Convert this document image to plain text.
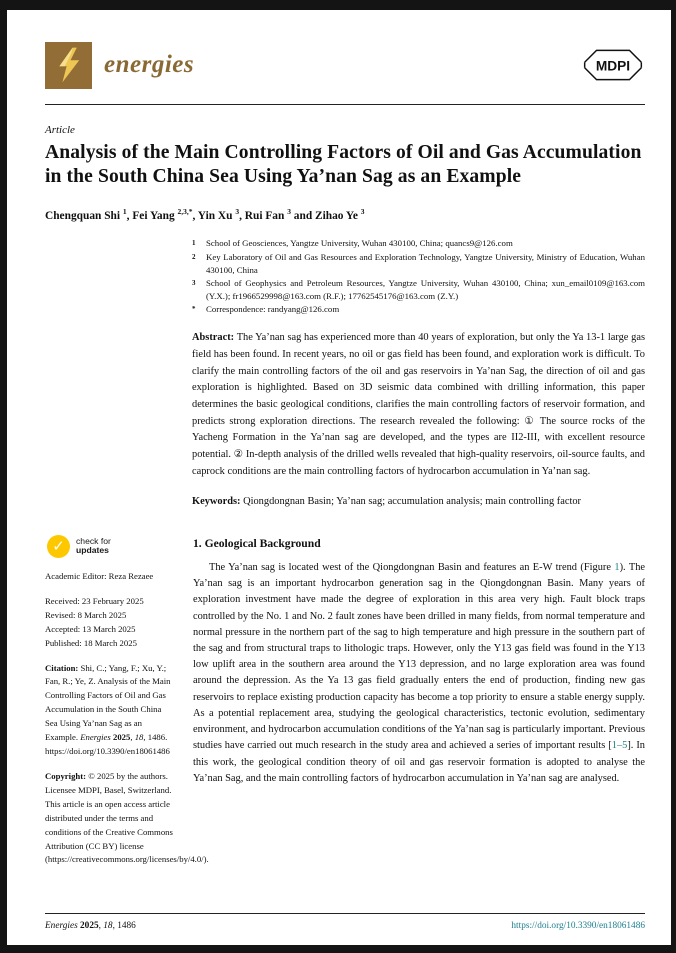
energies	MDPI
Article
Analysis of the Main Controlling Factors of Oil and Gas Accumulation in the South China Sea Using Ya’nan Sag as an Example
Chengquan Shi $^1$, Fei Yang $^{2,3,*}$, Yin Xu $^3$, Rui Fan $^3$ and Zihao Ye $^3$
1	School of Geosciences, Yangtze University, Wuhan 430100, China; quancs9@126.com
2	Key Laboratory of Oil and Gas Resources and Exploration Technology, Yangtze University, Ministry of Education, Wuhan 430100, China
3	School of Geophysics and Petroleum Resources, Yangtze University, Wuhan 430100, China; xun_email0109@163.com (Y.X.); fr1966529998@163.com (R.F.); 17762545176@163.com (Z.Y.)
*	Correspondence: randyang@126.com
Abstract: The Ya’nan sag has experienced more than 40 years of exploration, but only the Ya 13-1 large gas field has been found. In recent years, no oil or gas field has been found, and exploration work is difficult. To clarify the main controlling factors of the oil and gas reservoirs in Ya’nan Sag, the direction of oil and gas exploration is highlighted. Based on 3D seismic data combined with drilling information, this paper determines the basic geological conditions, clarifies the main controlling factors of reservoir formation, and predicts strong exploration directions. The research revealed the following: ① The source rocks of the Yacheng Formation in the Ya’nan sag are developed, and the types are II2-III, with excellent resource potential. ② In-depth analysis of the drilled wells revealed that high-quality reservoirs, oil-source faults, and caprock conditions are the main controlling factors of hydrocarbon accumulation in Ya’nan sag.
Keywords: Qiongdongnan Basin; Ya’nan sag; accumulation analysis; main controlling factor
✓ check for
updates
Academic Editor: Reza Rezaee

Received: 23 February 2025

Revised: 8 March 2025

Accepted: 13 March 2025

Published: 18 March 2025

Citation: Shi, C.; Yang, F.; Xu, Y.; Fan, R.; Ye, Z. Analysis of the Main Controlling Factors of Oil and Gas Accumulation in the South China Sea Using Ya’nan Sag as an Example. Energies 2025, 18, 1486. https://doi.org/10.3390/en18061486
Copyright: © 2025 by the authors. Licensee MDPI, Basel, Switzerland. This article is an open access article distributed under the terms and conditions of the Creative Commons Attribution (CC BY) license (https://creativecommons.org/licenses/by/4.0/).
1. Geological Background

The Ya’nan sag is located west of the Qiongdongnan Basin and features an E-W trend (Figure 1). The Ya’nan sag is an important hydrocarbon generation sag in the Qiongdongnan Basin. Many years of exploration investment have made the degree of exploration in this area very high. Fault block traps controlled by the No. 1 and No. 2 fault zones have been drilled in many fields, from normal temperature and normal pressure in the northern part of the sag to high temperature and high pressure in the southern part of the sag and from structural traps to lithologic traps. However, only the Y13 gas field was found in the Y13 low uplift area in the southern area around the Y13 depression, and no large exploration area was found around the depression. As the Ya 13 gas field gradually enters the end of production, finding new gas reservoirs to replace existing production capacity has become a top priority to ensure a stable energy supply. As a potential replacement area, studying the geological characteristics, tectonic evolution, sedimentary environment, and hydrocarbon accumulation conditions of the Ya’nan sag is particularly important. Previous studies have carried out much research in the study area and achieved a series of important results [1–5]. In this work, the geological condition theory of oil and gas reservoir formation is adopted to analyse the Ya’nan Sag, and the main controlling factors of hydrocarbon accumulation in Ya’nan sag are analysed.

Energies 2025, 18, 1486	https://doi.org/10.3390/en18061486
